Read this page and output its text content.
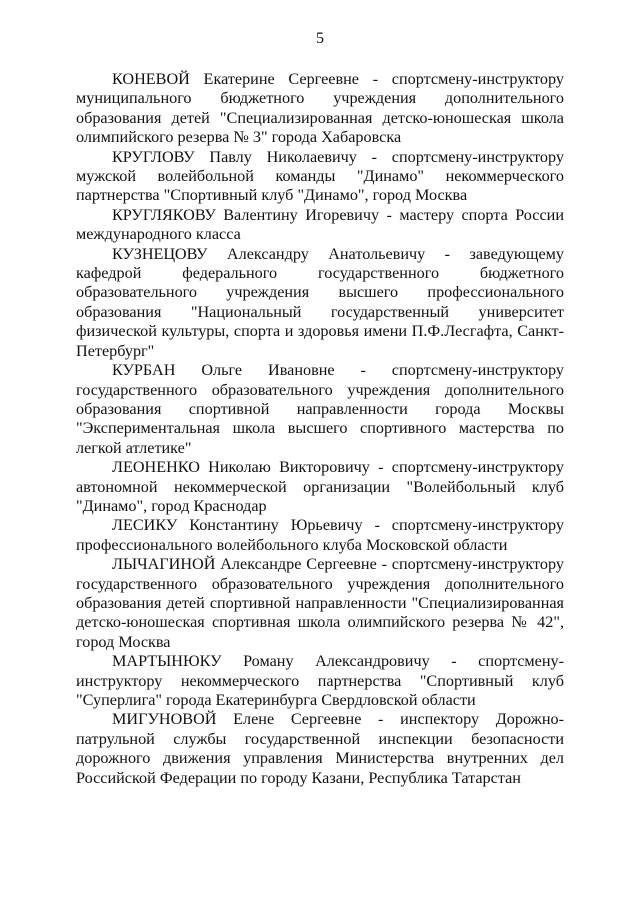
5

КОНЕВОЙ Екатерине Сергеевне - спортсмену-инструктору муниципального бюджетного учреждения дополнительного образования детей "Специализированная детско-юношеская школа олимпийского резерва № 3" города Хабаровска

КРУГЛОВУ Павлу Николаевичу - спортсмену-инструктору мужской волейбольной команды "Динамо" некоммерческого партнерства "Спортивный клуб "Динамо", город Москва

КРУГЛЯКОВУ Валентину Игоревичу - мастеру спорта России международного класса

КУЗНЕЦОВУ Александру Анатольевичу - заведующему кафедрой федерального государственного бюджетного образовательного учреждения высшего профессионального образования "Национальный государственный университет физической культуры, спорта и здоровья имени П.Ф.Лесгафта, Санкт-Петербург"

КУРБАН Ольге Ивановне - спортсмену-инструктору государственного образовательного учреждения дополнительного образования спортивной направленности города Москвы "Экспериментальная школа высшего спортивного мастерства по легкой атлетике"

ЛЕОНЕНКО Николаю Викторовичу - спортсмену-инструктору автономной некоммерческой организации "Волейбольный клуб "Динамо", город Краснодар

ЛЕСИКУ Константину Юрьевичу - спортсмену-инструктору профессионального волейбольного клуба Московской области

ЛЫЧАГИНОЙ Александре Сергеевне - спортсмену-инструктору государственного образовательного учреждения дополнительного образования детей спортивной направленности "Специализированная детско-юношеская спортивная школа олимпийского резерва № 42", город Москва

МАРТЫНЮКУ Роману Александровичу - спортсмену-инструктору некоммерческого партнерства "Спортивный клуб "Суперлига" города Екатеринбурга Свердловской области

МИГУНОВОЙ Елене Сергеевне - инспектору Дорожно-патрульной службы государственной инспекции безопасности дорожного движения управления Министерства внутренних дел Российской Федерации по городу Казани, Республика Татарстан
